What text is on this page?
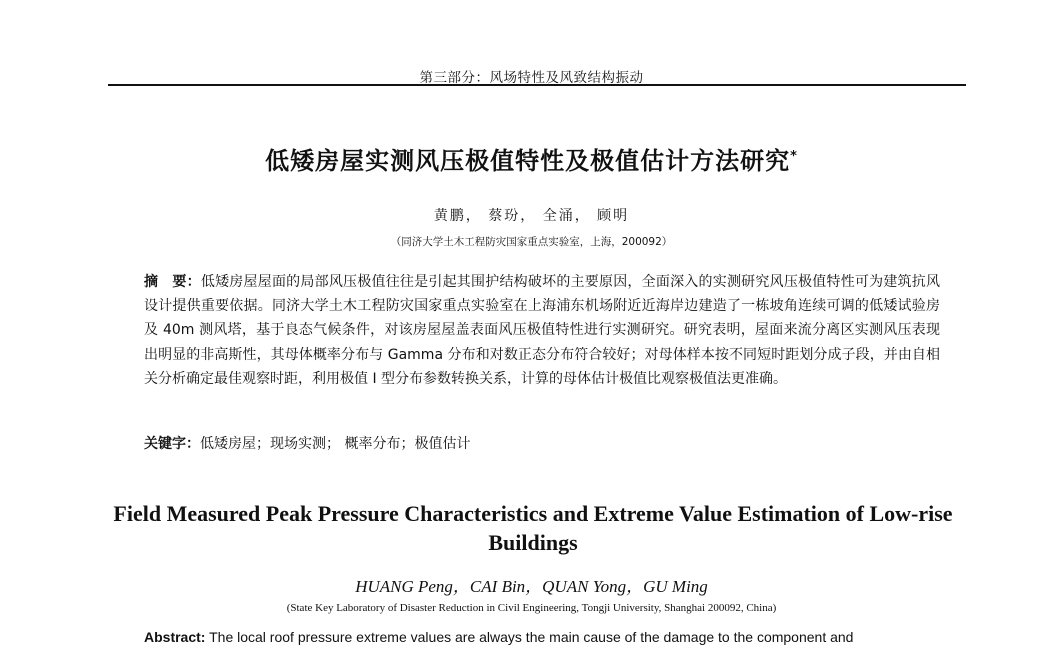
第三部分：风场特性及风致结构振动
低矮房屋实测风压极值特性及极值估计方法研究*
黄鹏， 蔡玢， 全涌， 顾明
（同济大学土木工程防灾国家重点实验室，上海，200092）
摘　要：低矮房屋屋面的局部风压极值往往是引起其围护结构破坏的主要原因，全面深入的实测研究风压极值特性可为建筑抗风设计提供重要依据。同济大学土木工程防灾国家重点实验室在上海浦东机场附近近海岸边建造了一栋坡角连续可调的低矮试验房及 40m 测风塔，基于良态气候条件，对该房屋屋盖表面风压极值特性进行实测研究。研究表明，屋面来流分离区实测风压表现出明显的非高斯性，其母体概率分布与 Gamma 分布和对数正态分布符合较好；对母体样本按不同短时距划分成子段，并由自相关分析确定最佳观察时距，利用极值 I 型分布参数转换关系，计算的母体估计极值比观察极值法更准确。
关键字：低矮房屋；现场实测； 概率分布；极值估计
Field Measured Peak Pressure Characteristics and Extreme Value Estimation of Low-rise Buildings
HUANG Peng，CAI Bin，QUAN Yong，GU Ming
(State Key Laboratory of Disaster Reduction in Civil Engineering, Tongji University, Shanghai 200092, China)
Abstract: The local roof pressure extreme values are always the main cause of the damage to the component and
